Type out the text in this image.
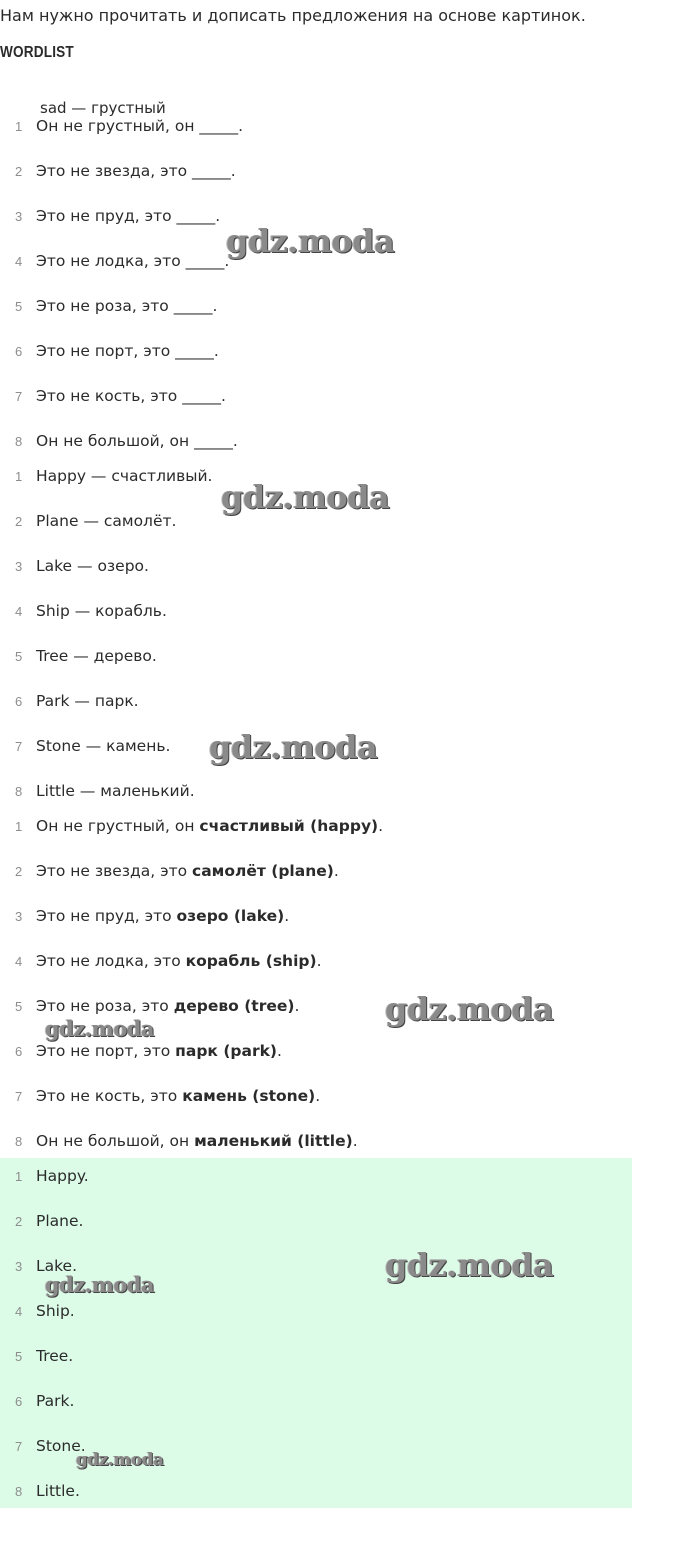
Нам нужно прочитать и дописать предложения на основе картинок.
WORDLIST
sad — грустный
1 Он не грустный, он _____.
2 Это не звезда, это _____.
3 Это не пруд, это _____.
4 Это не лодка, это _____.
5 Это не роза, это _____.
6 Это не порт, это _____.
7 Это не кость, это _____.
8 Он не большой, он _____.
1 Happy — счастливый.
2 Plane — самолёт.
3 Lake — озеро.
4 Ship — корабль.
5 Tree — дерево.
6 Park — парк.
7 Stone — камень.
8 Little — маленький.
1 Он не грустный, он счастливый (happy).
2 Это не звезда, это самолёт (plane).
3 Это не пруд, это озеро (lake).
4 Это не лодка, это корабль (ship).
5 Это не роза, это дерево (tree).
6 Это не порт, это парк (park).
7 Это не кость, это камень (stone).
8 Он не большой, он маленький (little).
1 Happy.
2 Plane.
3 Lake.
4 Ship.
5 Tree.
6 Park.
7 Stone.
8 Little.
gdz.moda
gdz.moda
gdz.moda
gdz.moda
gdz.moda
gdz.moda
gdz.moda
gdz.moda
